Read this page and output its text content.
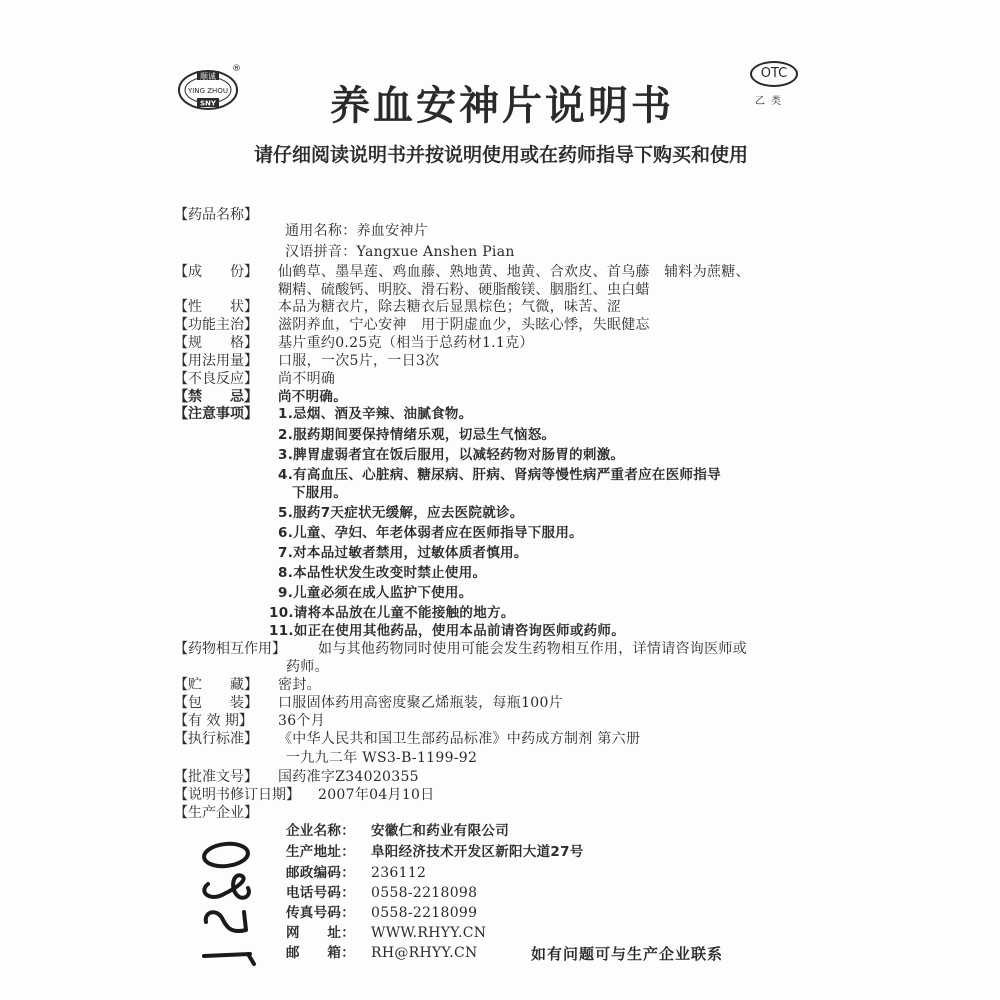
顺诚
YING ZHOU
SNY
®	OTC
乙类
养血安神片说明书
请仔细阅读说明书并按说明使用或在药师指导下购买和使用
【药品名称】
通用名称：养血安神片
汉语拼音：Yangxue Anshen Pian
【成　　份】 仙鹤草、墨旱莲、鸡血藤、熟地黄、地黄、合欢皮、首乌藤　辅料为蔗糖、
糊精、硫酸钙、明胶、滑石粉、硬脂酸镁、胭脂红、虫白蜡
【性　　状】 本品为糖衣片，除去糖衣后显黑棕色；气微，味苦、涩
【功能主治】 滋阴养血，宁心安神　用于阴虚血少，头眩心悸，失眠健忘
【规　　格】 基片重约0.25克（相当于总药材1.1克）
【用法用量】 口服，一次5片，一日3次
【不良反应】 尚不明确
【禁　　忌】 尚不明确。
【注意事项】 1.忌烟、酒及辛辣、油腻食物。
2.服药期间要保持情绪乐观，切忌生气恼怒。
3.脾胃虚弱者宜在饭后服用，以减轻药物对肠胃的刺激。
4.有高血压、心脏病、糖尿病、肝病、肾病等慢性病严重者应在医师指导
下服用。
5.服药7天症状无缓解，应去医院就诊。
6.儿童、孕妇、年老体弱者应在医师指导下服用。
7.对本品过敏者禁用，过敏体质者慎用。
8.本品性状发生改变时禁止使用。
9.儿童必须在成人监护下使用。
10.请将本品放在儿童不能接触的地方。
11.如正在使用其他药品，使用本品前请咨询医师或药师。
【药物相互作用】 如与其他药物同时使用可能会发生药物相互作用，详情请咨询医师或
药师。
【贮　　藏】 密封。
【包　　装】 口服固体药用高密度聚乙烯瓶装，每瓶100片
【有 效 期】 36个月
【执行标准】 《中华人民共和国卫生部药品标准》中药成方制剂 第六册
一九九二年 WS3-B-1199-92
【批准文号】 国药准字Z34020355
【说明书修订日期】 2007年04月10日
【生产企业】
企业名称： 安徽仁和药业有限公司
生产地址： 阜阳经济技术开发区新阳大道27号
邮政编码： 236112
电话号码： 0558-2218098
传真号码： 0558-2218099
网　　址： WWW.RHYY.CN
邮　　箱： RH@RHYY.CN	如有问题可与生产企业联系
